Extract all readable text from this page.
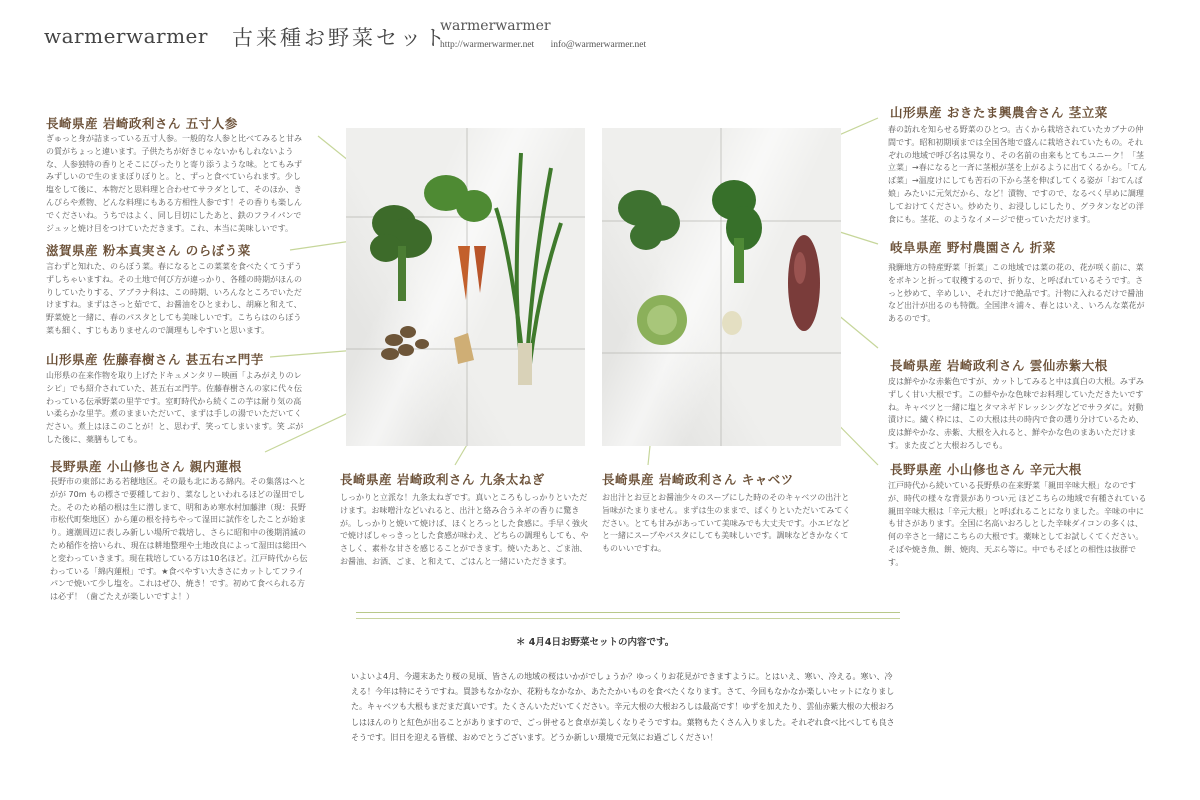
warmerwarmer 古来種お野菜セット
warmerwarmer
http://warmerwarmer.net info@warmerwarmer.net
長崎県産 岩崎政利さん 五寸人参
ぎゅっと身が詰まっている五寸人参。一般的な人参と比べてみると甘みの質がちょっと違います。子供たちが好きじゃないかもしれないような、人参独特の香りとそこにぴったりと寄り添うような味。とてもみずみずしいので生のままぼりぼりと。と、ずっと食べていられます。少し塩をして後に、本物だと思料理と合わせてサラダとして、そのほか、きんぴらや煮物、どんな料理にもある方相性人参です！その香りも楽しんでくださいね。うちではよく、同し目切にしたあと、鉄のフライパンでジュッと焼け目をつけていただきます。これ、本当に美味しいです。
滋賀県産 粉本真実さん のらぼう菜
言わずと知れた、のらぼう菜。春になるとこの菜菜を食べたくてうずうずしちゃいますね。その土地で何び方が違っかり、各種の時期がほんのりしていたりする、アブラナ科は、この時期、いろんなところでいただけますね。まずはさっと茹でて、お醤油をひとまわし、胡麻と和えて、野菜焼と一緒に、春のパスタとしても美味しいです。こちらはのらぼう菜も細く、すじもありませんので調理もしやすいと思います。
山形県産 佐藤春樹さん 甚五右ヱ門芋
山形県の在来作物を取り上げたドキュメンタリー映画「よみがえりのレシピ」でも紹介されていた、甚五右ヱ門芋。佐藤春樹さんの家に代々伝わっている伝承野菜の里芋です。室町時代から続くこの芋は耐り気の高い柔らかな里芋。煮のままいただいて、まずは手しの湯でいただいてください。煮上はほこのことが！と、思わず、笑ってしまいます。笑 ぶがした後に、薬膳もしても。
長野県産 小山修也さん 親内蓮根
長野市の東部にある若穂地区。その最も北にある綿内。その集落はへとがが 70m もの標さで要種しており、菜なしといわれるほどの湿田でした。そのため稲の根は生に潜しまて、明和あめ寒水村加藤津（現：長野市松代町柴地区）から蓮の根を持ちやって湿田に試作をしたことが始まり。適潮周辺に表しみ新しい場所で栽培し、さらに昭和中の後期消滅のため稲作を捨いられ、現在は耕地整理や土地改良によって湿田は総田へと変わっていきます。現在栽培している方は10名ほど。江戸時代から伝わっている「綿内蓮根」です。★食べやすい大きさにカットしてフライパンで焼いて少し塩を。これはぜひ、焼き！です。初めて食べられる方は必ず！（歯ごたえが楽しいですよ！）
長崎県産 岩崎政利さん 九条太ねぎ
しっかりと立派な！九条太ねぎです。真いところもしっかりといただけます。お味噌汁などいれると、出汁と絡み合うネギの香りに驚きが。しっかりと焼いて焼けば、ほくとろっとした食感に。手早く強火で焼けばしゃっきっとした食感が味わえ、どちらの調理もしても、やさしく、素朴な甘さを感じることができます。焼いたあと、ごま油、お醤油、お酒、ごま、と和えて、ごはんと一緒にいただきます。
長崎県産 岩崎政利さん キャベツ
お出汁とお豆とお醤油少々のスープにした時のそのキャベツの出汁と旨味がたまりません。まずは生のままで、ぱくりといただいてみてください。とても甘みがあっていて美味みでも大丈夫です。小エビなどと一緒にスープやパスタにしても美味しいです。調味などきかなくてものいいですね。
山形県産 おきたま興農舎さん 茎立菜
春の訪れを知らせる野菜のひとつ。古くから栽培されていたカブナの仲間です。昭和初期頃までは全国各地で盛んに栽培されていたもの。それぞれの地域で呼び名は異なり、その名前の由来もとてもユニーク！「茎立菜」→春になると一斉に茎根が茎を上がるように出てくるから。「てんば菜」→温度けにしても苦石の下から茎を伸ばしてくる姿が「おてんば娘」みたいに元気だから、など！漬物、ですので、なるべく早めに調理しておけてください。炒めたり、お浸ししにしたり、グラタンなどの洋食にも。茎花、のようなイメージで使っていただけます。
岐阜県産 野村農園さん 折菜
飛騨地方の特産野菜「折菜」この地域では菜の花の、花が咲く前に、菜をボキンと折って収穫するので、折りな、と呼ばれているそうです。さっと炒めて、辛めしい、それだけで絶品です。汁物に入れるだけで醤油など出汁が出るのも特徴。全国津々浦々、春とはいえ、いろんな菜花があるのです。
長崎県産 岩崎政利さん 雲仙赤紫大根
皮は鮮やかな赤紫色ですが、カットしてみると中は真白の大根。みずみずしく甘い大根です。この鮮やかな色味でお料理していただきたいですね。キャベツと一緒に塩とタマネギドレッシングなどでサラダに。対動漬けに。繊く枠には、この大根は共の時内で食の選り分けているため、皮は鮮やかな、赤紫、大根を入れると、鮮やかな色のまあいただけます。また皮ごと大根おろしでも。
長野県産 小山修也さん 辛元大根
江戸時代から続いている長野県の在来野菜「親田辛味大根」なのですが、時代の様々な背景がありつい元 ほどこちらの地域で有種されている親田辛味大根は「辛元大根」と呼ばれることになりました。辛味の中にも甘さがあります。全国に名高いおろしとした辛味ダイコンの多くは、何の辛さと一緒にこちらの大根です。薬味としてお試しくてください。そばや焼き魚、餅、焼肉、天ぷら等に。中でもそばとの相性は抜群です。
＊ 4月4日お野菜セットの内容です。
いよいよ4月、今週末あたり桜の見頃、皆さんの地域の桜はいかがでしょうか？ゆっくりお花見ができますように。とはいえ、寒い、冷える。寒い、冷える！今年は特にそうですね。買診もなかなか、花粉もなかなか、あたたかいものを食べたくなります。さて、今回もなかなか楽しいセットになりました。キャベツも大根もまだまだ真いです。たくさんいただいてください。辛元大根の大根おろしは最高です！ゆずを加えたり、雲仙赤紫大根の大根おろしはほんのりと紅色が出ることがありますので、ごっ併せると食卓が美しくなりそうですね。葉物もたくさん入りました。それぞれ食べ比べしても良さそうです。旧日を迎える皆様、おめでとうございます。どうか新しい環境で元気にお過ごしください！
